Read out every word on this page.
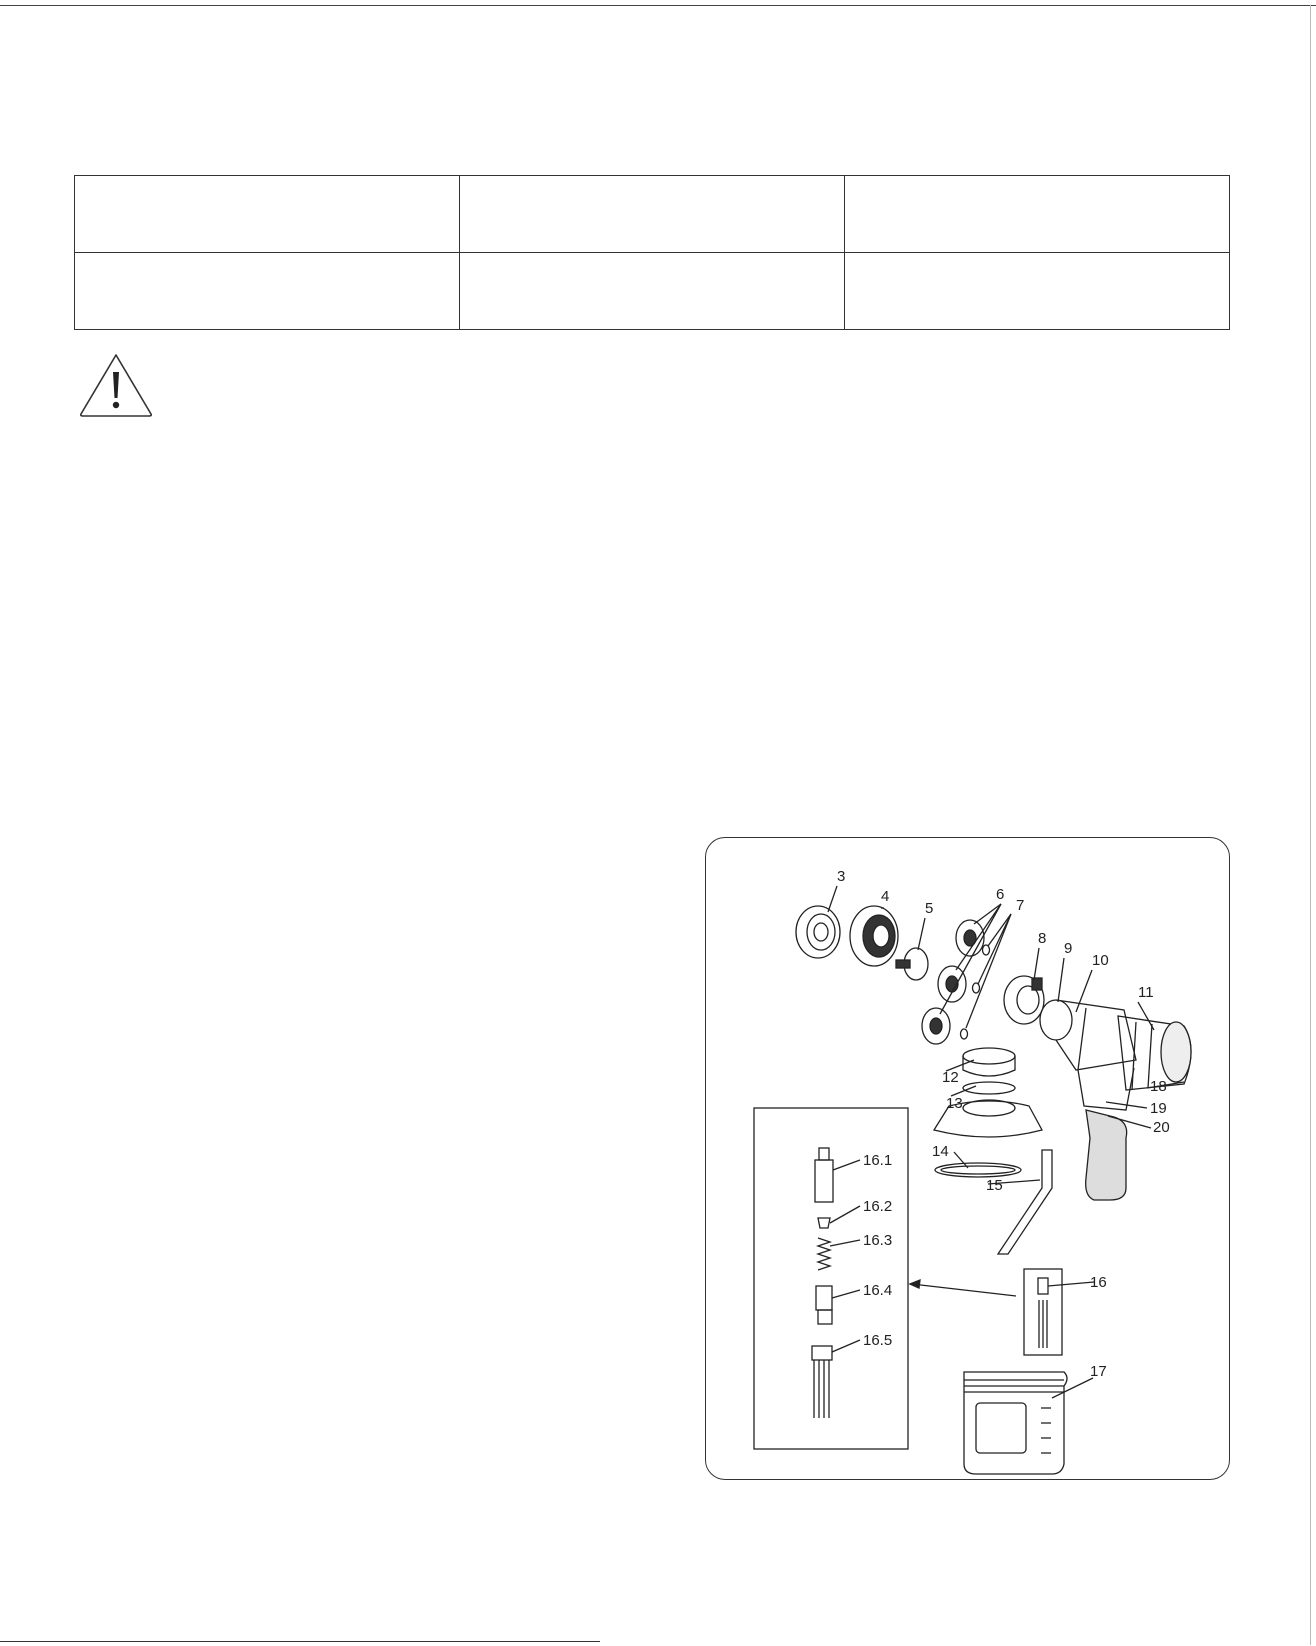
3
4
5
6
7
8
9
10
11
12
13
14
15
16
17
18
19
20
16.1
16.2
16.3
16.4
16.5
